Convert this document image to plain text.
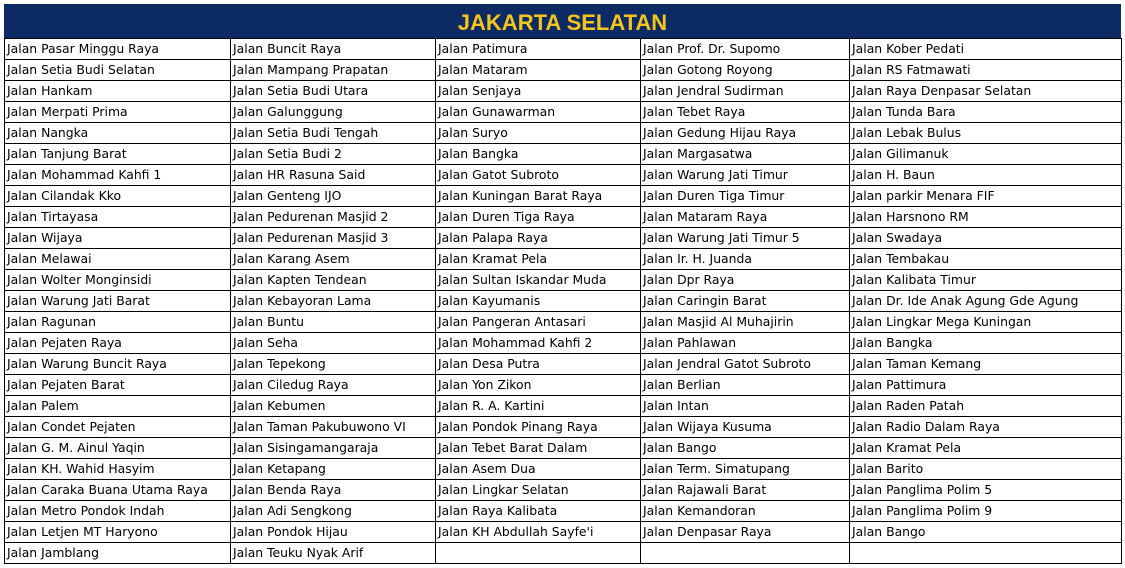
JAKARTA SELATAN
Jalan Pasar Minggu Raya	Jalan Buncit Raya	Jalan Patimura	Jalan Prof. Dr. Supomo	Jalan Kober Pedati
Jalan Setia Budi Selatan	Jalan Mampang Prapatan	Jalan Mataram	Jalan Gotong Royong	Jalan RS Fatmawati
Jalan Hankam	Jalan Setia Budi Utara	Jalan Senjaya	Jalan Jendral Sudirman	Jalan Raya Denpasar Selatan
Jalan Merpati Prima	Jalan Galunggung	Jalan Gunawarman	Jalan Tebet Raya	Jalan Tunda Bara
Jalan Nangka	Jalan Setia Budi Tengah	Jalan Suryo	Jalan Gedung Hijau Raya	Jalan Lebak Bulus
Jalan Tanjung Barat	Jalan Setia Budi 2	Jalan Bangka	Jalan Margasatwa	Jalan Gilimanuk
Jalan Mohammad Kahfi 1	Jalan HR Rasuna Said	Jalan Gatot Subroto	Jalan Warung Jati Timur	Jalan H. Baun
Jalan Cilandak Kko	Jalan Genteng IJO	Jalan Kuningan Barat Raya	Jalan Duren Tiga Timur	Jalan parkir Menara FIF
Jalan Tirtayasa	Jalan Pedurenan Masjid 2	Jalan Duren Tiga Raya	Jalan Mataram Raya	Jalan Harsnono RM
Jalan Wijaya	Jalan Pedurenan Masjid 3	Jalan Palapa Raya	Jalan Warung Jati Timur 5	Jalan Swadaya
Jalan Melawai	Jalan Karang Asem	Jalan Kramat Pela	Jalan Ir. H. Juanda	Jalan Tembakau
Jalan Wolter Monginsidi	Jalan Kapten Tendean	Jalan Sultan Iskandar Muda	Jalan Dpr Raya	Jalan Kalibata Timur
Jalan Warung Jati Barat	Jalan Kebayoran Lama	Jalan Kayumanis	Jalan Caringin Barat	Jalan Dr. Ide Anak Agung Gde Agung
Jalan Ragunan	Jalan Buntu	Jalan Pangeran Antasari	Jalan Masjid Al Muhajirin	Jalan Lingkar Mega Kuningan
Jalan Pejaten Raya	Jalan Seha	Jalan Mohammad Kahfi 2	Jalan Pahlawan	Jalan Bangka
Jalan Warung Buncit Raya	Jalan Tepekong	Jalan Desa Putra	Jalan Jendral Gatot Subroto	Jalan Taman Kemang
Jalan Pejaten Barat	Jalan Ciledug Raya	Jalan Yon Zikon	Jalan Berlian	Jalan Pattimura
Jalan Palem	Jalan Kebumen	Jalan R. A. Kartini	Jalan Intan	Jalan Raden Patah
Jalan Condet Pejaten	Jalan Taman Pakubuwono VI	Jalan Pondok Pinang Raya	Jalan Wijaya Kusuma	Jalan Radio Dalam Raya
Jalan G. M. Ainul Yaqin	Jalan Sisingamangaraja	Jalan Tebet Barat Dalam	Jalan Bango	Jalan Kramat Pela
Jalan KH. Wahid Hasyim	Jalan Ketapang	Jalan Asem Dua	Jalan Term. Simatupang	Jalan Barito
Jalan Caraka Buana Utama Raya	Jalan Benda Raya	Jalan Lingkar Selatan	Jalan Rajawali Barat	Jalan Panglima Polim 5
Jalan Metro Pondok Indah	Jalan Adi Sengkong	Jalan Raya Kalibata	Jalan Kemandoran	Jalan Panglima Polim 9
Jalan Letjen MT Haryono	Jalan Pondok Hijau	Jalan KH Abdullah Sayfe'i	Jalan Denpasar Raya	Jalan Bango
Jalan Jamblang	Jalan Teuku Nyak Arif			
